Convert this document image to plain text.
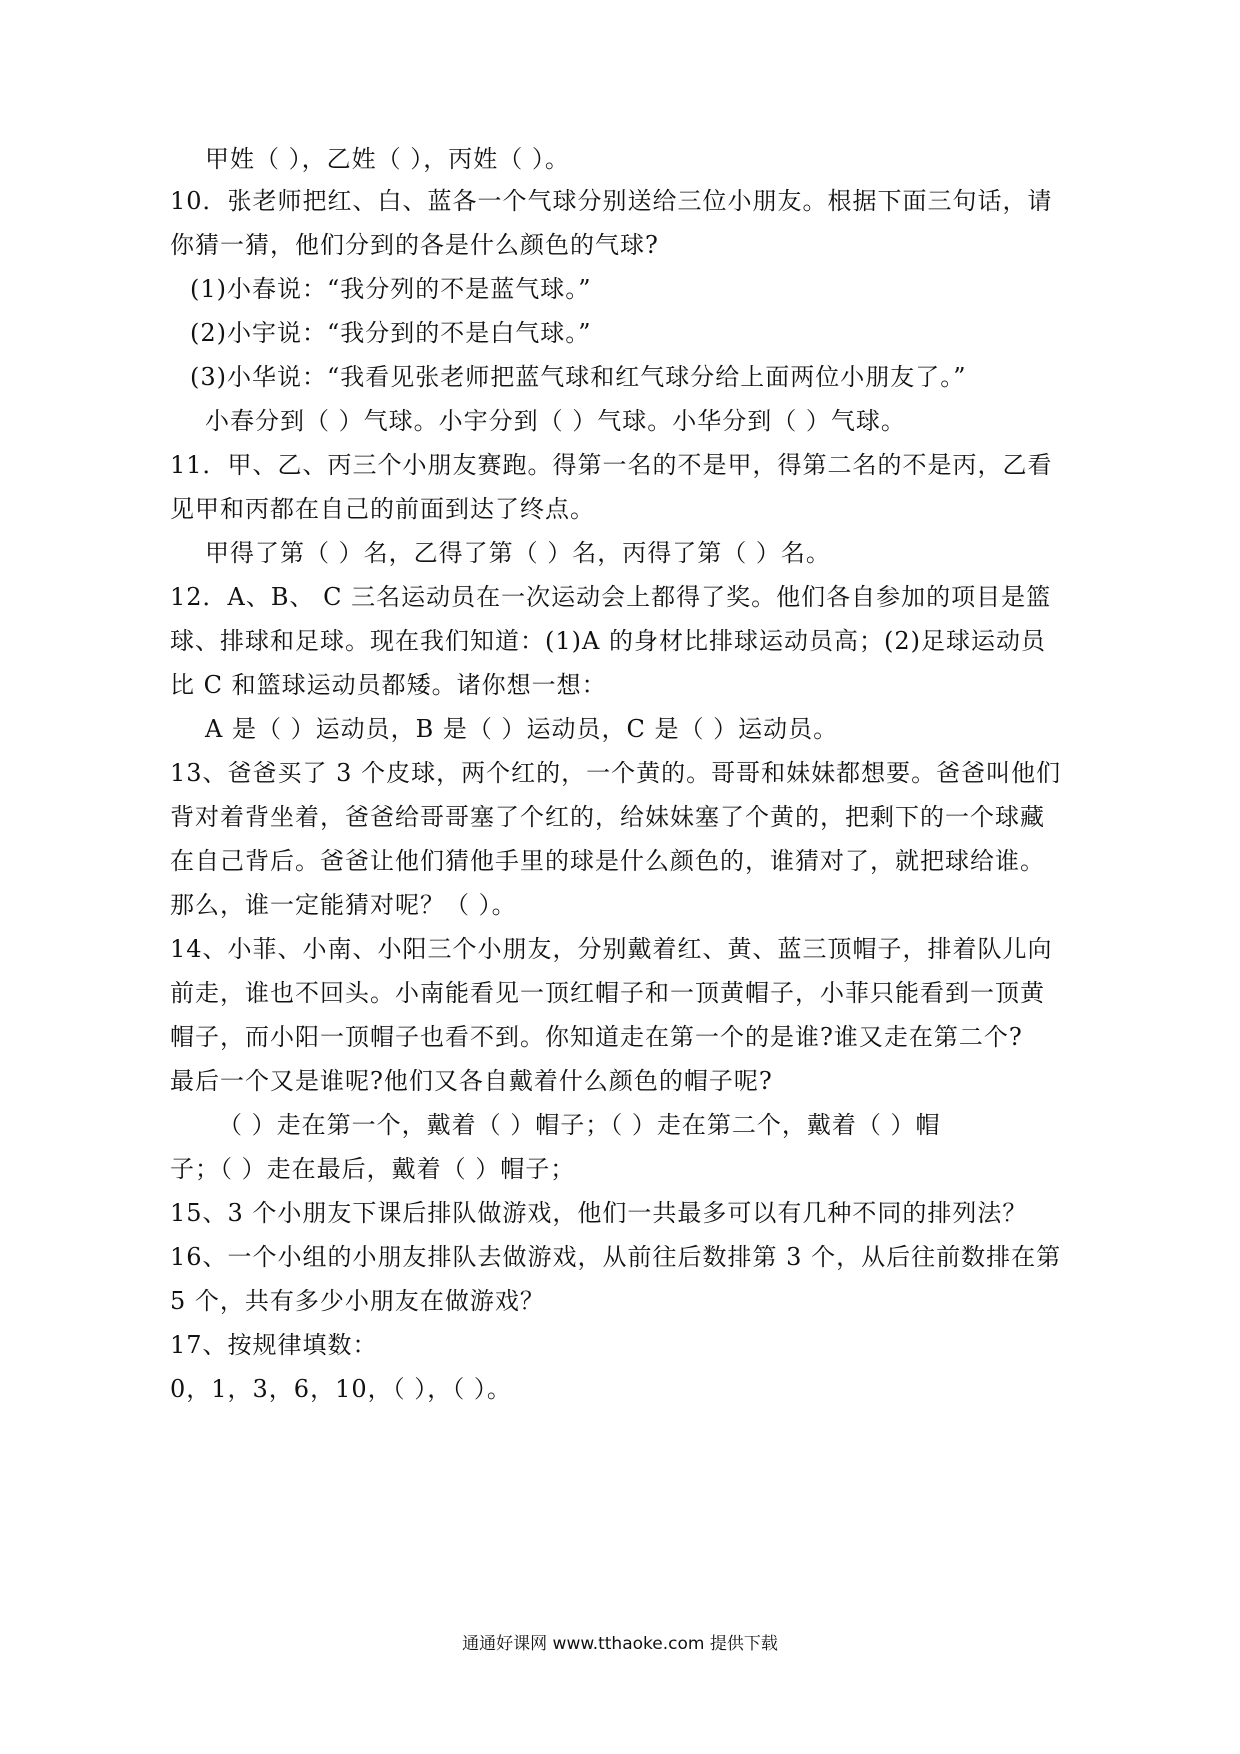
甲姓（ ），乙姓（ ），丙姓（ ）。
10．张老师把红、白、蓝各一个气球分别送给三位小朋友。根据下面三句话，请
你猜一猜，他们分到的各是什么颜色的气球?
(1)小春说：“我分列的不是蓝气球。”
(2)小宇说：“我分到的不是白气球。”
(3)小华说：“我看见张老师把蓝气球和红气球分给上面两位小朋友了。”
小春分到（ ）气球。小宇分到（ ）气球。小华分到（ ）气球。
11．甲、乙、丙三个小朋友赛跑。得第一名的不是甲，得第二名的不是丙，乙看
见甲和丙都在自己的前面到达了终点。
甲得了第（ ）名，乙得了第（ ）名，丙得了第（ ）名。
12．A、B、 C 三名运动员在一次运动会上都得了奖。他们各自参加的项目是篮
球、排球和足球。现在我们知道：(1)A 的身材比排球运动员高；(2)足球运动员
比 C 和篮球运动员都矮。诸你想一想：
A 是（ ）运动员，B 是（ ）运动员，C 是（ ）运动员。
13、爸爸买了 3 个皮球，两个红的，一个黄的。哥哥和妹妹都想要。爸爸叫他们
背对着背坐着，爸爸给哥哥塞了个红的，给妹妹塞了个黄的，把剩下的一个球藏
在自己背后。爸爸让他们猜他手里的球是什么颜色的，谁猜对了，就把球给谁。
那么，谁一定能猜对呢？（ ）。
14、小菲、小南、小阳三个小朋友，分别戴着红、黄、蓝三顶帽子，排着队儿向
前走，谁也不回头。小南能看见一顶红帽子和一顶黄帽子，小菲只能看到一顶黄
帽子，而小阳一顶帽子也看不到。你知道走在第一个的是谁?谁又走在第二个?
最后一个又是谁呢?他们又各自戴着什么颜色的帽子呢?
（ ）走在第一个，戴着（ ）帽子；（ ）走在第二个，戴着（ ）帽
子；（ ）走在最后，戴着（ ）帽子；
15、3 个小朋友下课后排队做游戏，他们一共最多可以有几种不同的排列法？
16、一个小组的小朋友排队去做游戏，从前往后数排第 3 个，从后往前数排在第
5 个，共有多少小朋友在做游戏？
17、按规律填数：
0，1，3，6，10，（ ），（ ）。
通通好课网 www.tthaoke.com 提供下载
